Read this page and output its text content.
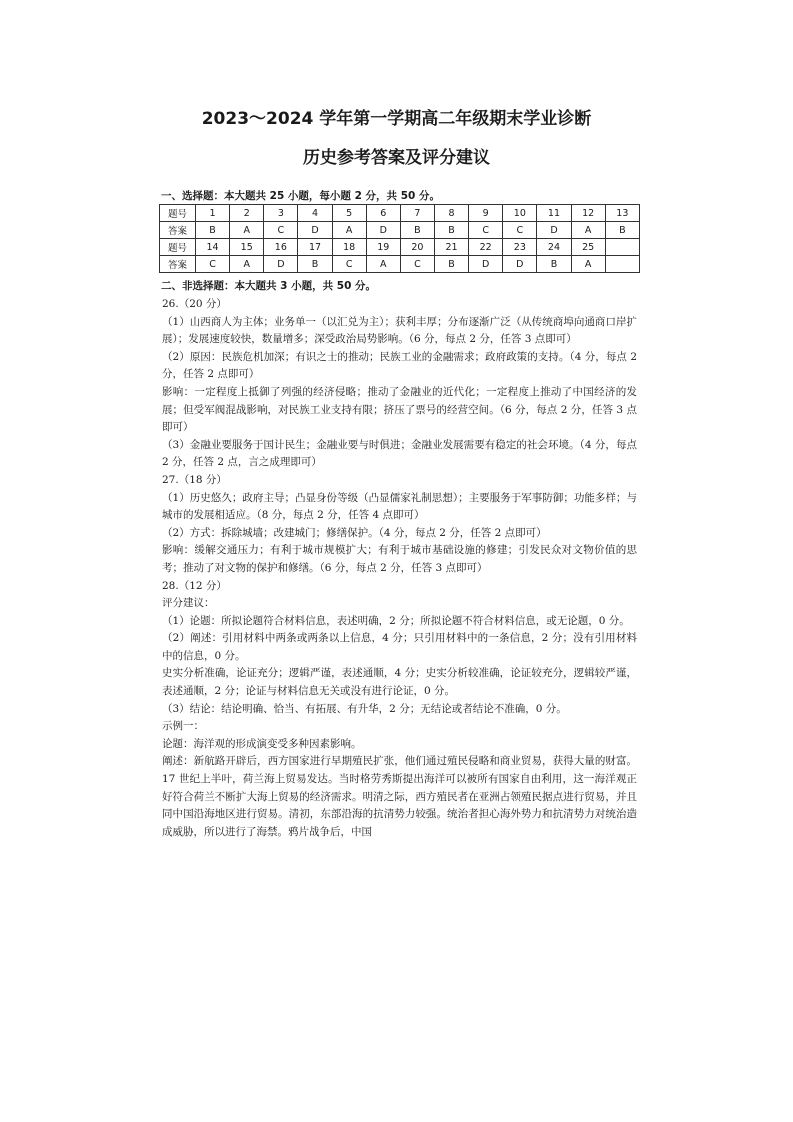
2023～2024 学年第一学期高二年级期末学业诊断
历史参考答案及评分建议

一、选择题：本大题共 25 小题，每小题 2 分，共 50 分。

题号	1	2	3	4	5	6	7	8	9	10	11	12	13
答案	B	A	C	D	A	D	B	B	C	C	D	A	B
题号	14	15	16	17	18	19	20	21	22	23	24	25	
答案	C	A	D	B	C	A	C	B	D	D	B	A	

二、非选择题：本大题共 3 小题，共 50 分。

26.（20 分）

（1）山西商人为主体；业务单一（以汇兑为主）；获利丰厚；分布逐渐广泛（从传统商埠向通商口岸扩展）；发展速度较快，数量增多；深受政治局势影响。（6 分，每点 2 分，任答 3 点即可）

（2）原因：民族危机加深；有识之士的推动；民族工业的金融需求；政府政策的支持。（4 分，每点 2 分，任答 2 点即可）

影响：一定程度上抵御了列强的经济侵略；推动了金融业的近代化；一定程度上推动了中国经济的发展；但受军阀混战影响，对民族工业支持有限；挤压了票号的经营空间。（6 分，每点 2 分，任答 3 点即可）

（3）金融业要服务于国计民生；金融业要与时俱进；金融业发展需要有稳定的社会环境。（4 分，每点 2 分，任答 2 点，言之成理即可）

27.（18 分）

（1）历史悠久；政府主导；凸显身份等级（凸显儒家礼制思想）；主要服务于军事防御；功能多样；与城市的发展相适应。（8 分，每点 2 分，任答 4 点即可）

（2）方式：拆除城墙；改建城门；修缮保护。（4 分，每点 2 分，任答 2 点即可）

影响：缓解交通压力；有利于城市规模扩大；有利于城市基础设施的修建；引发民众对文物价值的思考；推动了对文物的保护和修缮。（6 分，每点 2 分，任答 3 点即可）

28.（12 分）

评分建议：

（1）论题：所拟论题符合材料信息，表述明确，2 分；所拟论题不符合材料信息，或无论题，0 分。

（2）阐述：引用材料中两条或两条以上信息，4 分；只引用材料中的一条信息，2 分；没有引用材料中的信息，0 分。

史实分析准确，论证充分；逻辑严谨，表述通顺，4 分；史实分析较准确，论证较充分，逻辑较严谨，表述通顺，2 分；论证与材料信息无关或没有进行论证，0 分。

（3）结论：结论明确、恰当、有拓展、有升华，2 分；无结论或者结论不准确，0 分。

示例一：

论题：海洋观的形成演变受多种因素影响。

阐述：新航路开辟后，西方国家进行早期殖民扩张，他们通过殖民侵略和商业贸易，获得大量的财富。17 世纪上半叶，荷兰海上贸易发达。当时格劳秀斯提出海洋可以被所有国家自由利用，这一海洋观正好符合荷兰不断扩大海上贸易的经济需求。明清之际，西方殖民者在亚洲占领殖民据点进行贸易，并且同中国沿海地区进行贸易。清初，东部沿海的抗清势力较强。统治者担心海外势力和抗清势力对统治造成威胁，所以进行了海禁。鸦片战争后，中国
